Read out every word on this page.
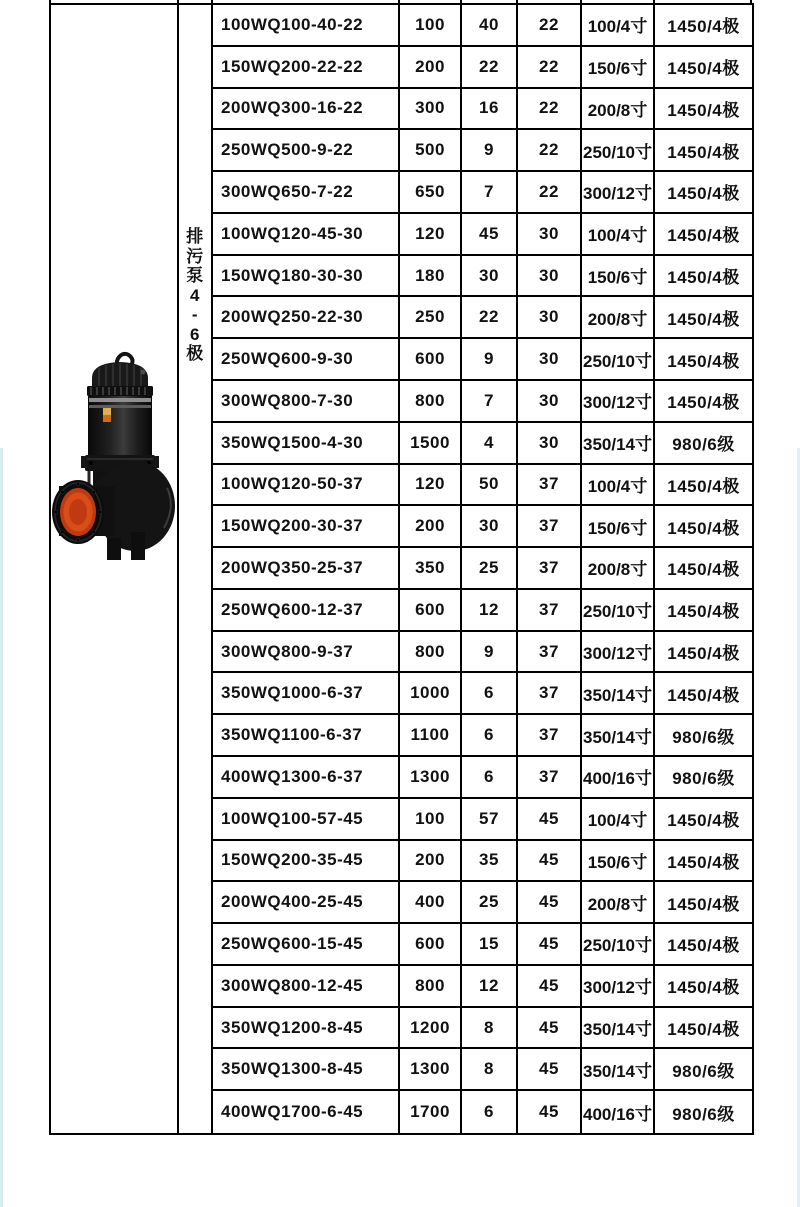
排
污
泵
4
-
6
极
100WQ100-40-22	100	40	22	100/4寸	1450/4极
150WQ200-22-22	200	22	22	150/6寸	1450/4极
200WQ300-16-22	300	16	22	200/8寸	1450/4极
250WQ500-9-22	500	9	22	250/10寸 1450/4极
300WQ650-7-22	650	7	22	300/12寸 1450/4极
100WQ120-45-30	120	45	30	100/4寸	1450/4极
150WQ180-30-30	180	30	30	150/6寸	1450/4极
200WQ250-22-30	250	22	30	200/8寸	1450/4极
250WQ600-9-30	600	9	30	250/10寸 1450/4极
300WQ800-7-30	800	7	30	300/12寸 1450/4极
350WQ1500-4-30	1500	4	30	350/14寸	980/6级
100WQ120-50-37	120	50	37	100/4寸	1450/4极
150WQ200-30-37	200	30	37	150/6寸	1450/4极
200WQ350-25-37	350	25	37	200/8寸	1450/4极
250WQ600-12-37	600	12	37	250/10寸 1450/4极
300WQ800-9-37	800	9	37	300/12寸 1450/4极
350WQ1000-6-37	1000	6	37	350/14寸 1450/4极
350WQ1100-6-37	1100	6	37	350/14寸	980/6级
400WQ1300-6-37	1300	6	37	400/16寸	980/6级
100WQ100-57-45	100	57	45	100/4寸	1450/4极
150WQ200-35-45	200	35	45	150/6寸	1450/4极
200WQ400-25-45	400	25	45	200/8寸	1450/4极
250WQ600-15-45	600	15	45	250/10寸 1450/4极
300WQ800-12-45	800	12	45	300/12寸 1450/4极
350WQ1200-8-45	1200	8	45	350/14寸 1450/4极
350WQ1300-8-45	1300	8	45	350/14寸	980/6级
400WQ1700-6-45	1700	6	45	400/16寸	980/6级
